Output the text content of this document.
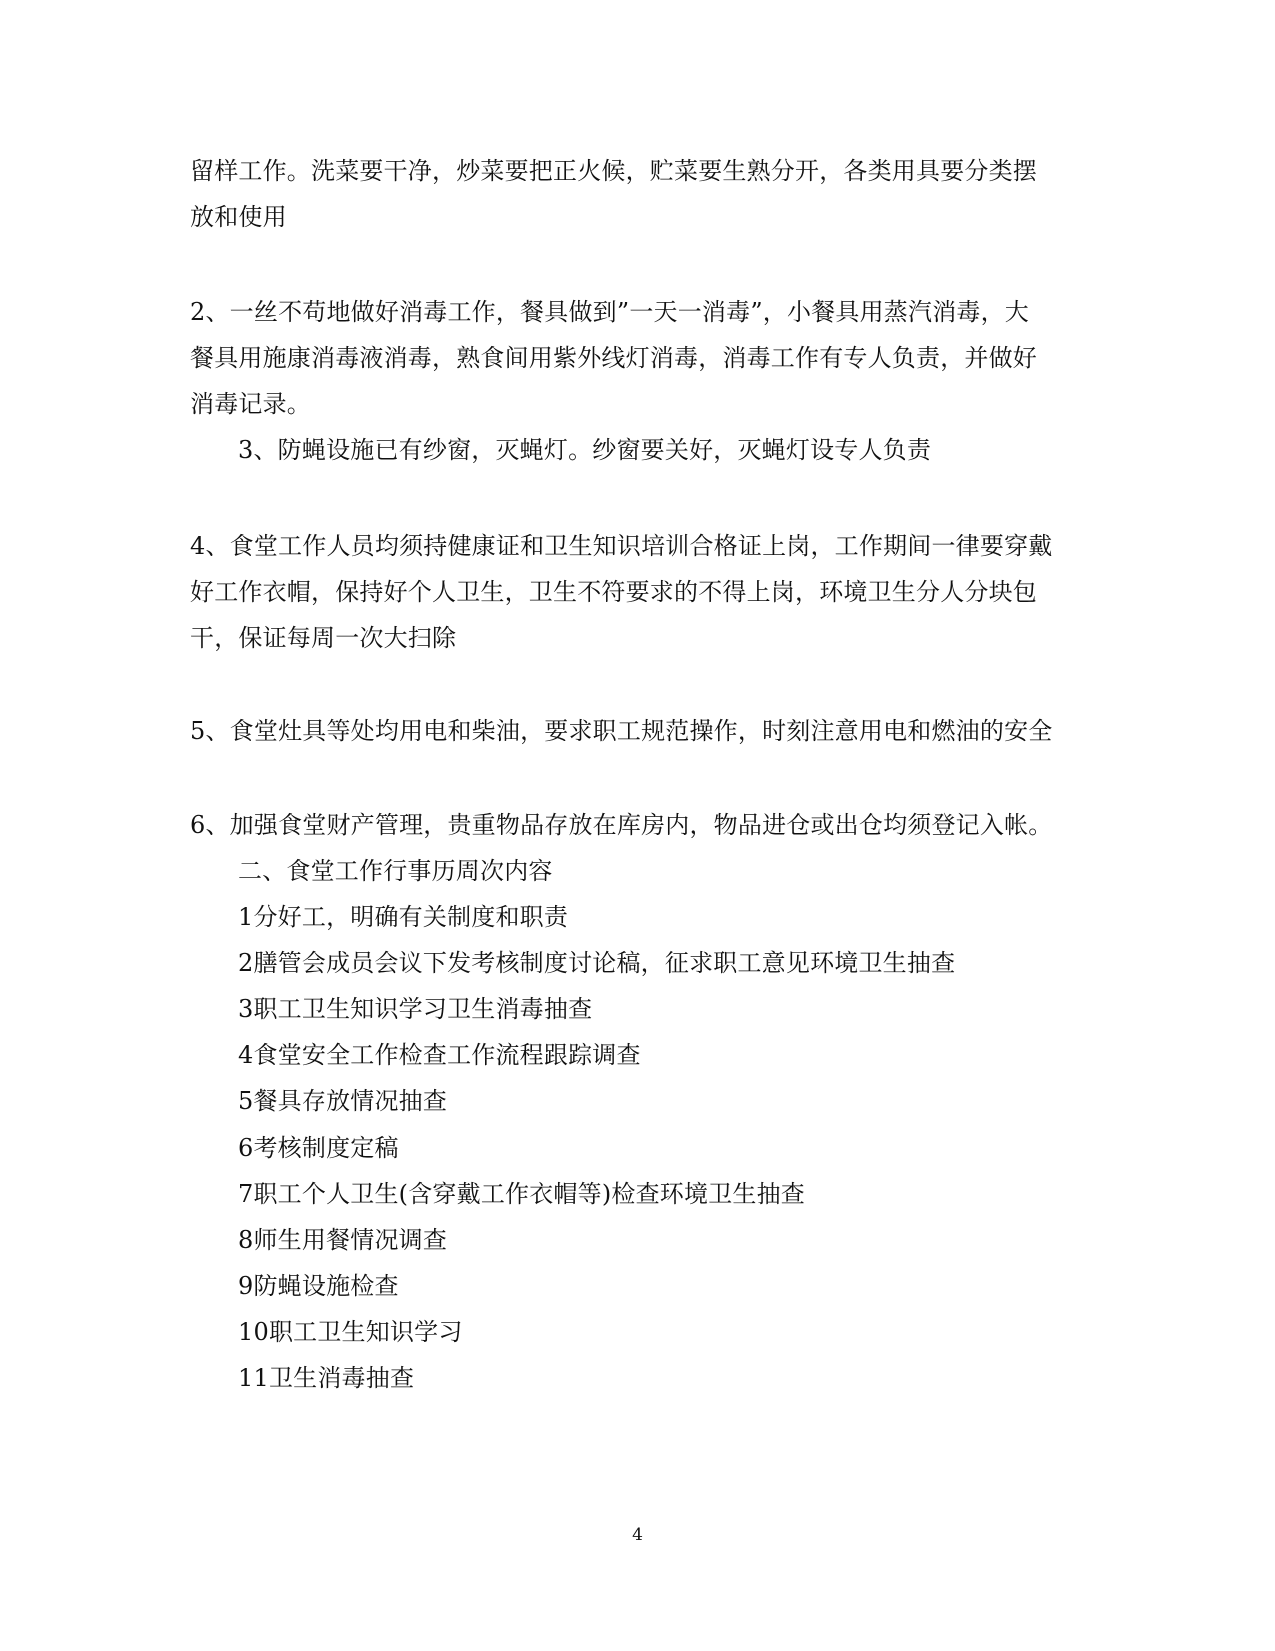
留样工作。洗菜要干净，炒菜要把正火候，贮菜要生熟分开，各类用具要分类摆
放和使用
2、一丝不苟地做好消毒工作，餐具做到”一天一消毒”，小餐具用蒸汽消毒，大
餐具用施康消毒液消毒，熟食间用紫外线灯消毒，消毒工作有专人负责，并做好
消毒记录。
3、防蝇设施已有纱窗，灭蝇灯。纱窗要关好，灭蝇灯设专人负责
4、食堂工作人员均须持健康证和卫生知识培训合格证上岗，工作期间一律要穿戴
好工作衣帽，保持好个人卫生，卫生不符要求的不得上岗，环境卫生分人分块包
干，保证每周一次大扫除
5、食堂灶具等处均用电和柴油，要求职工规范操作，时刻注意用电和燃油的安全
6、加强食堂财产管理，贵重物品存放在库房内，物品进仓或出仓均须登记入帐。
二、食堂工作行事历周次内容
1分好工，明确有关制度和职责
2膳管会成员会议下发考核制度讨论稿，征求职工意见环境卫生抽查
3职工卫生知识学习卫生消毒抽查
4食堂安全工作检查工作流程跟踪调查
5餐具存放情况抽查
6考核制度定稿
7职工个人卫生(含穿戴工作衣帽等)检查环境卫生抽查
8师生用餐情况调查
9防蝇设施检查
10职工卫生知识学习
11卫生消毒抽查
4
